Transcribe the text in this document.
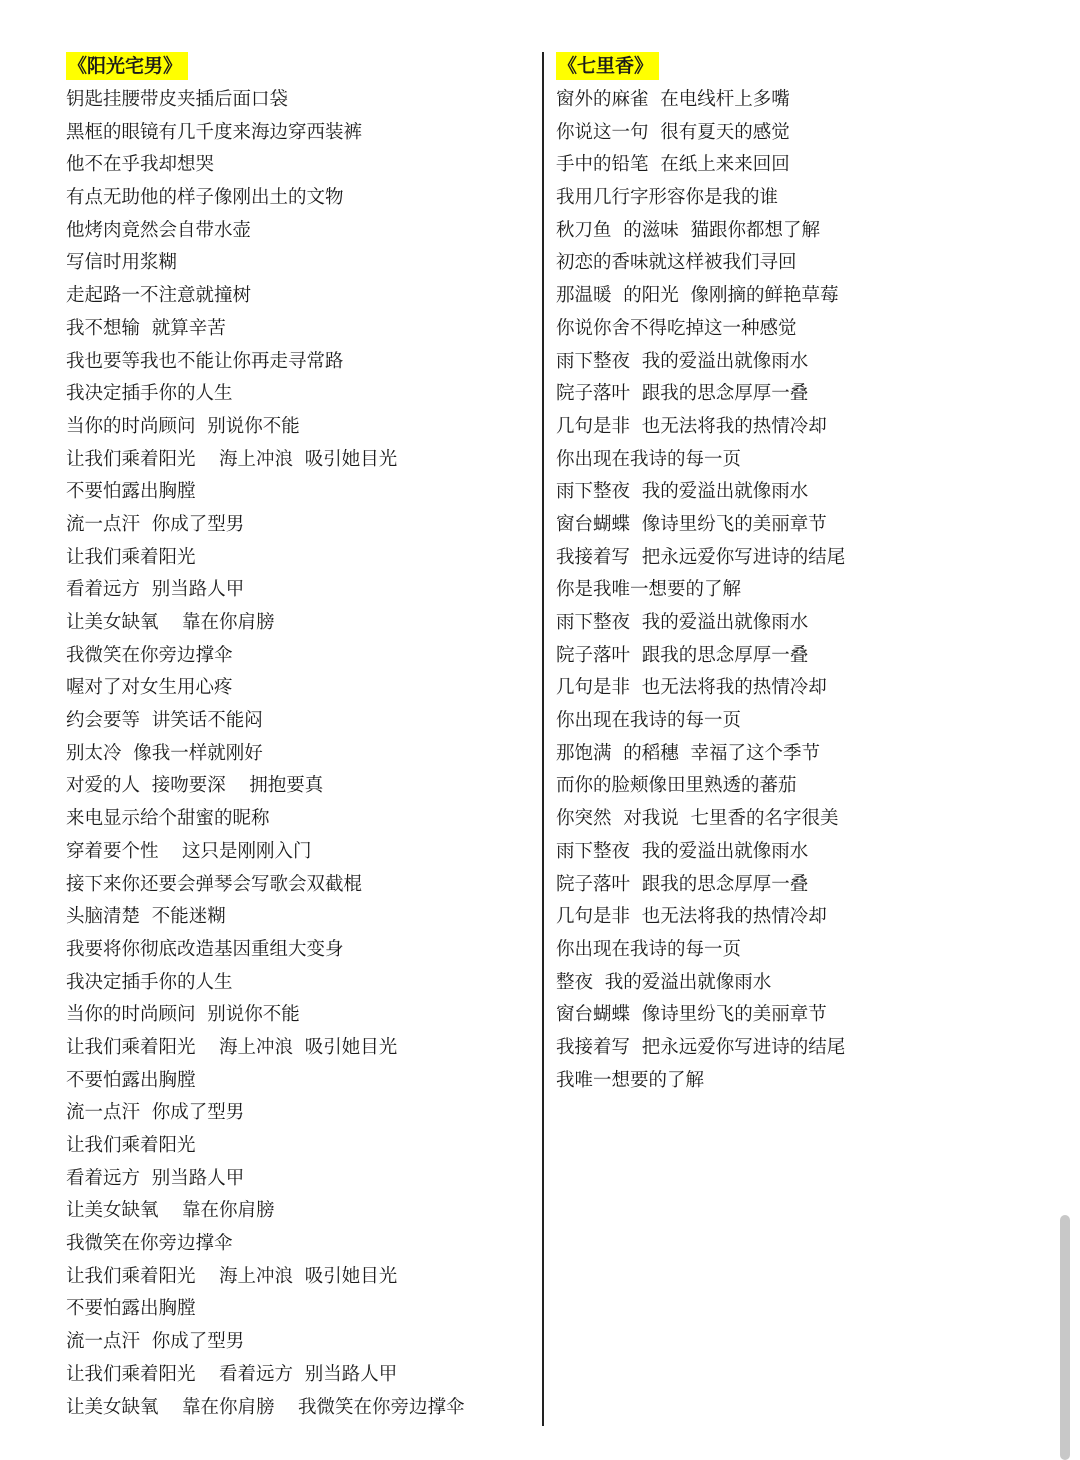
《阳光宅男》
钥匙挂腰带皮夹插后面口袋
黑框的眼镜有几千度来海边穿西装裤
他不在乎我却想哭
有点无助他的样子像刚出土的文物
他烤肉竟然会自带水壶
写信时用浆糊
走起路一不注意就撞树
我不想输  就算辛苦
我也要等我也不能让你再走寻常路
我决定插手你的人生
当你的时尚顾问  别说你不能
让我们乘着阳光    海上冲浪  吸引她目光
不要怕露出胸膛
流一点汗  你成了型男
让我们乘着阳光
看着远方  别当路人甲
让美女缺氧    靠在你肩膀
我微笑在你旁边撑伞
喔对了对女生用心疼
约会要等  讲笑话不能闷
别太冷  像我一样就刚好
对爱的人  接吻要深    拥抱要真
来电显示给个甜蜜的昵称
穿着要个性    这只是刚刚入门
接下来你还要会弹琴会写歌会双截棍
头脑清楚  不能迷糊
我要将你彻底改造基因重组大变身
我决定插手你的人生
当你的时尚顾问  别说你不能
让我们乘着阳光    海上冲浪  吸引她目光
不要怕露出胸膛
流一点汗  你成了型男
让我们乘着阳光
看着远方  别当路人甲
让美女缺氧    靠在你肩膀
我微笑在你旁边撑伞
让我们乘着阳光    海上冲浪  吸引她目光
不要怕露出胸膛
流一点汗  你成了型男
让我们乘着阳光    看着远方  别当路人甲
让美女缺氧    靠在你肩膀    我微笑在你旁边撑伞
《七里香》
窗外的麻雀  在电线杆上多嘴
你说这一句  很有夏天的感觉
手中的铅笔  在纸上来来回回
我用几行字形容你是我的谁
秋刀鱼  的滋味  猫跟你都想了解
初恋的香味就这样被我们寻回
那温暖  的阳光  像刚摘的鲜艳草莓
你说你舍不得吃掉这一种感觉
雨下整夜  我的爱溢出就像雨水
院子落叶  跟我的思念厚厚一叠
几句是非  也无法将我的热情冷却
你出现在我诗的每一页
雨下整夜  我的爱溢出就像雨水
窗台蝴蝶  像诗里纷飞的美丽章节
我接着写  把永远爱你写进诗的结尾
你是我唯一想要的了解
雨下整夜  我的爱溢出就像雨水
院子落叶  跟我的思念厚厚一叠
几句是非  也无法将我的热情冷却
你出现在我诗的每一页
那饱满  的稻穗  幸福了这个季节
而你的脸颊像田里熟透的蕃茄
你突然  对我说  七里香的名字很美
雨下整夜  我的爱溢出就像雨水
院子落叶  跟我的思念厚厚一叠
几句是非  也无法将我的热情冷却
你出现在我诗的每一页
整夜  我的爱溢出就像雨水
窗台蝴蝶  像诗里纷飞的美丽章节
我接着写  把永远爱你写进诗的结尾
我唯一想要的了解
